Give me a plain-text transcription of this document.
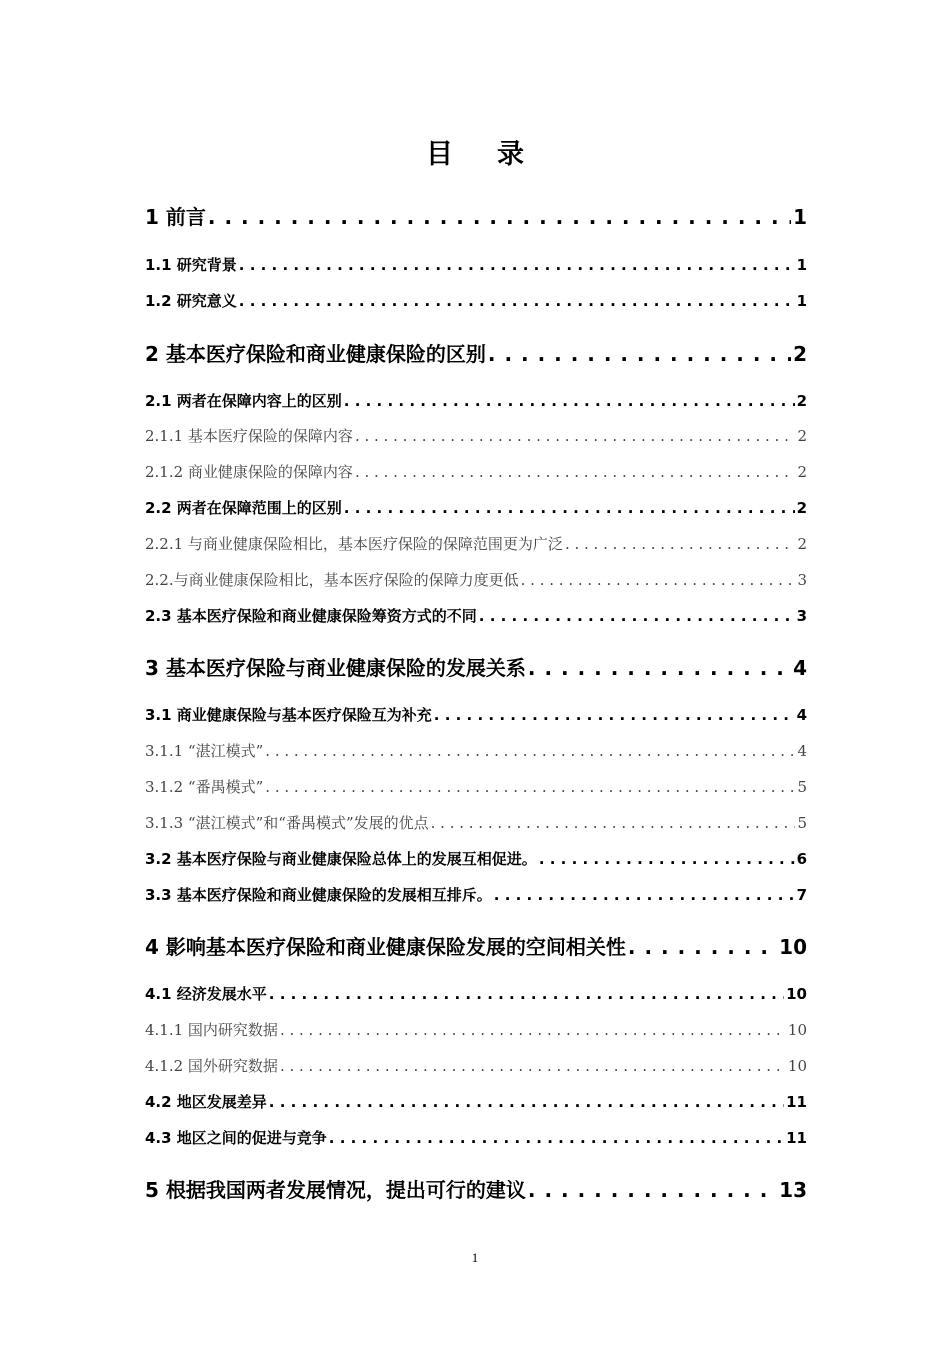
目录
1 前言 . . .	1
1.1 研究背景 . . .	1
1.2 研究意义 . . .	1
2 基本医疗保险和商业健康保险的区别 . . .	2
2.1 两者在保障内容上的区别 . . .	2
2.1.1 基本医疗保险的保障内容 . . .	2
2.1.2 商业健康保险的保障内容 . . .	2
2.2 两者在保障范围上的区别 . . .	2
2.2.1 与商业健康保险相比，基本医疗保险的保障范围更为广泛 . . .	2
2.2.与商业健康保险相比，基本医疗保险的保障力度更低 . . .	3
2.3 基本医疗保险和商业健康保险筹资方式的不同 . . .	3
3 基本医疗保险与商业健康保险的发展关系 . . .	4
3.1 商业健康保险与基本医疗保险互为补充 . . .	4
3.1.1 “湛江模式” . . .	4
3.1.2 “番禺模式” . . .	5
3.1.3 “湛江模式”和“番禺模式”发展的优点 . . .	5
3.2 基本医疗保险与商业健康保险总体上的发展互相促进。 . . .	6
3.3 基本医疗保险和商业健康保险的发展相互排斥。 . . .	7
4 影响基本医疗保险和商业健康保险发展的空间相关性 . . .	10
4.1 经济发展水平 . . .	10
4.1.1 国内研究数据 . . .	10
4.1.2 国外研究数据 . . .	10
4.2 地区发展差异 . . .	11
4.3 地区之间的促进与竞争 . . .	11
5 根据我国两者发展情况，提出可行的建议 . . .	13
1
